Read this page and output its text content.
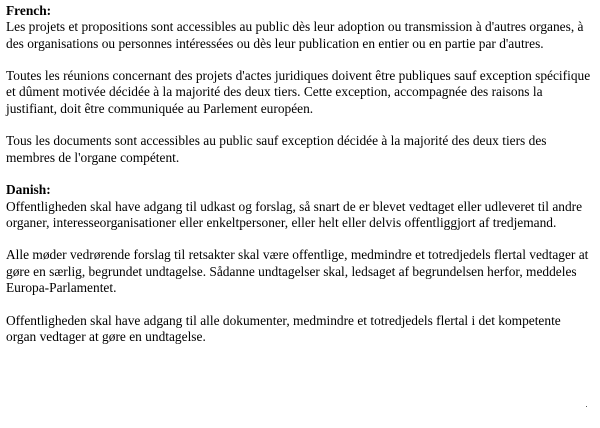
French:

Les projets et propositions sont accessibles au public dès leur adoption ou transmission à d'autres organes, à des organisations ou personnes intéressées ou dès leur publication en entier ou en partie par d'autres.

Toutes les réunions concernant des projets d'actes juridiques doivent être publiques sauf exception spécifique et dûment motivée décidée à la majorité des deux tiers. Cette exception, accompagnée des raisons la justifiant, doit être communiquée au Parlement européen.

Tous les documents sont accessibles au public sauf exception décidée à la majorité des deux tiers des membres de l'organe compétent.

Danish:

Offentligheden skal have adgang til udkast og forslag, så snart de er blevet vedtaget eller udleveret til andre organer, interesseorganisationer eller enkeltpersoner, eller helt eller delvis offentliggjort af tredjemand.

Alle møder vedrørende forslag til retsakter skal være offentlige, medmindre et totredjedels flertal vedtager at gøre en særlig, begrundet undtagelse. Sådanne undtagelser skal, ledsaget af begrundelsen herfor, meddeles Europa-Parlamentet.

Offentligheden skal have adgang til alle dokumenter, medmindre et totredjedels flertal i det kompetente organ vedtager at gøre en undtagelse.
